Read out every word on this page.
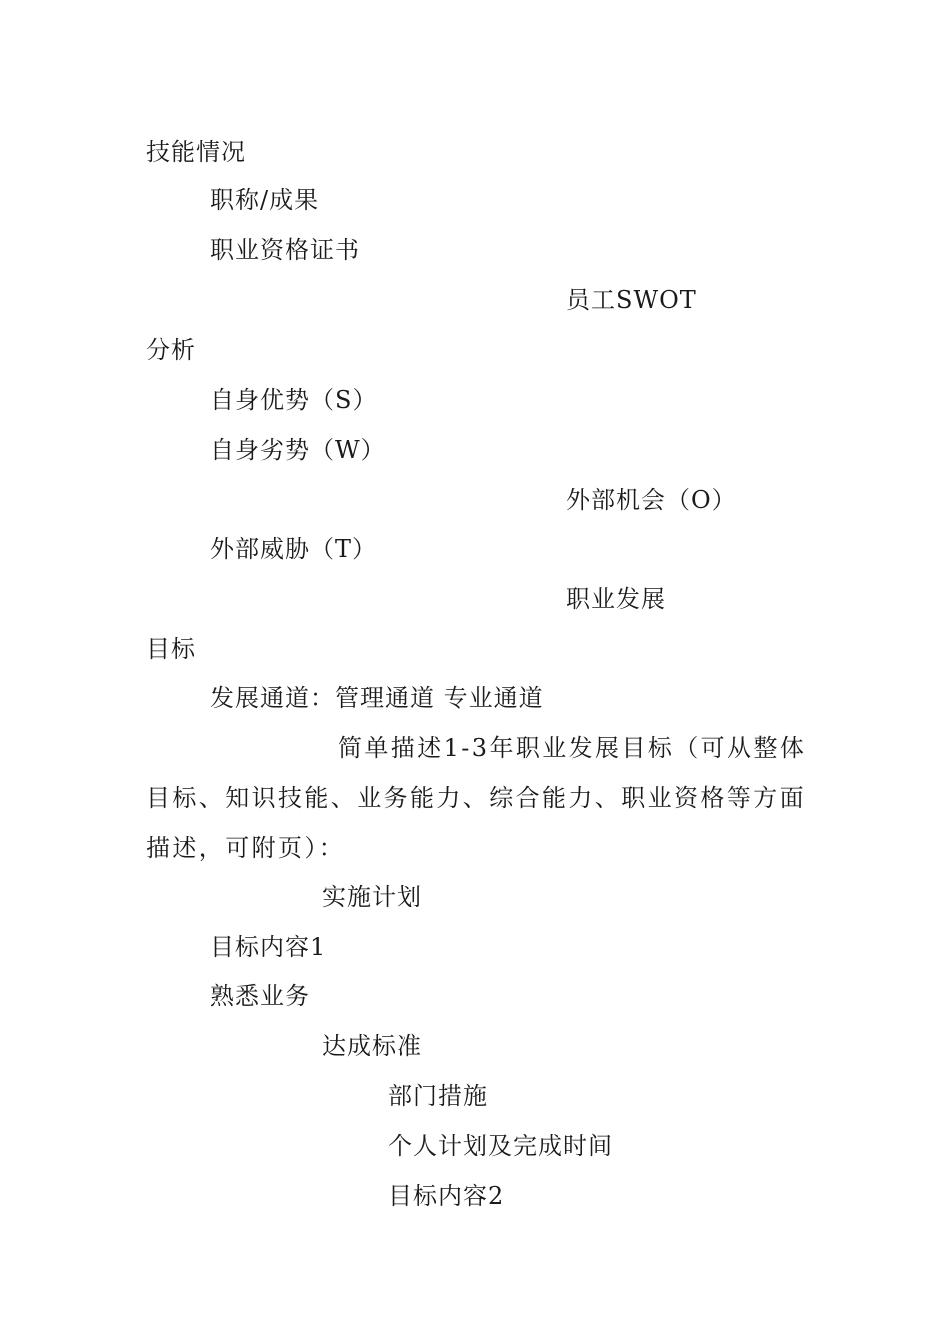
技能情况
职称/成果
职业资格证书
员工SWOT
分析
自身优势（S）
自身劣势（W）
外部机会（O）
外部威胁（T）
职业发展
目标
发展通道：管理通道 专业通道
简单描述1-3年职业发展目标（可从整体目标、知识技能、业务能力、综合能力、职业资格等方面描述，可附页）：
实施计划
目标内容1
熟悉业务
达成标准
部门措施
个人计划及完成时间
目标内容2
